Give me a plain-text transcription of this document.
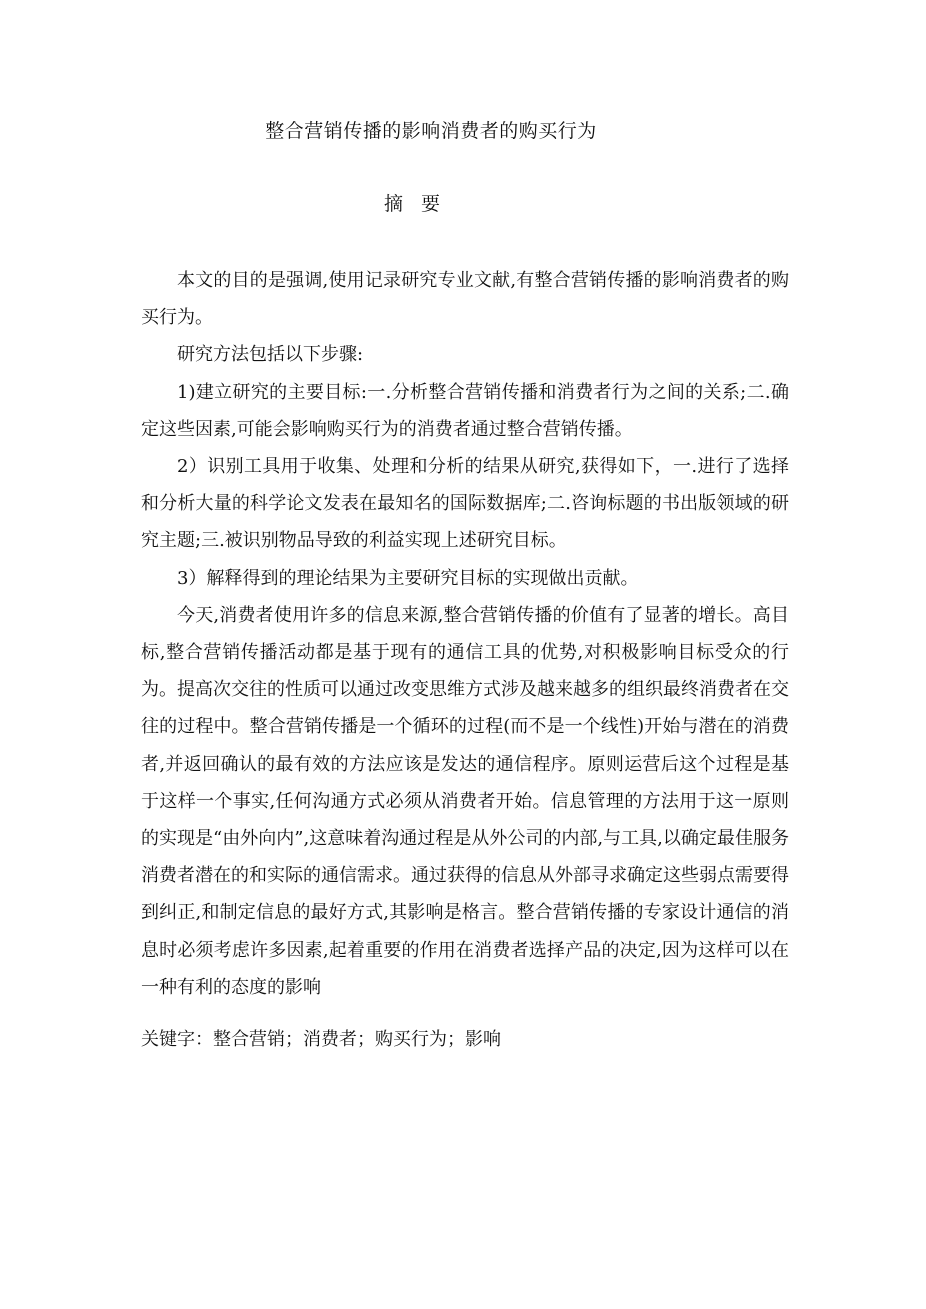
整合营销传播的影响消费者的购买行为
摘   要

本文的目的是强调,使用记录研究专业文献,有整合营销传播的影响消费者的购买行为。

研究方法包括以下步骤:

1)建立研究的主要目标:一.分析整合营销传播和消费者行为之间的关系;二.确定这些因素,可能会影响购买行为的消费者通过整合营销传播。

2）识别工具用于收集、处理和分析的结果从研究,获得如下，一.进行了选择和分析大量的科学论文发表在最知名的国际数据库;二.咨询标题的书出版领域的研究主题;三.被识别物品导致的利益实现上述研究目标。

3）解释得到的理论结果为主要研究目标的实现做出贡献。

今天,消费者使用许多的信息来源,整合营销传播的价值有了显著的增长。高目标,整合营销传播活动都是基于现有的通信工具的优势,对积极影响目标受众的行为。提高次交往的性质可以通过改变思维方式涉及越来越多的组织最终消费者在交往的过程中。整合营销传播是一个循环的过程(而不是一个线性)开始与潜在的消费者,并返回确认的最有效的方法应该是发达的通信程序。原则运营后这个过程是基于这样一个事实,任何沟通方式必须从消费者开始。信息管理的方法用于这一原则的实现是“由外向内”,这意味着沟通过程是从外公司的内部,与工具,以确定最佳服务消费者潜在的和实际的通信需求。通过获得的信息从外部寻求确定这些弱点需要得到纠正,和制定信息的最好方式,其影响是格言。整合营销传播的专家设计通信的消息时必须考虑许多因素,起着重要的作用在消费者选择产品的决定,因为这样可以在一种有利的态度的影响

关键字：整合营销；消费者；购买行为；影响
